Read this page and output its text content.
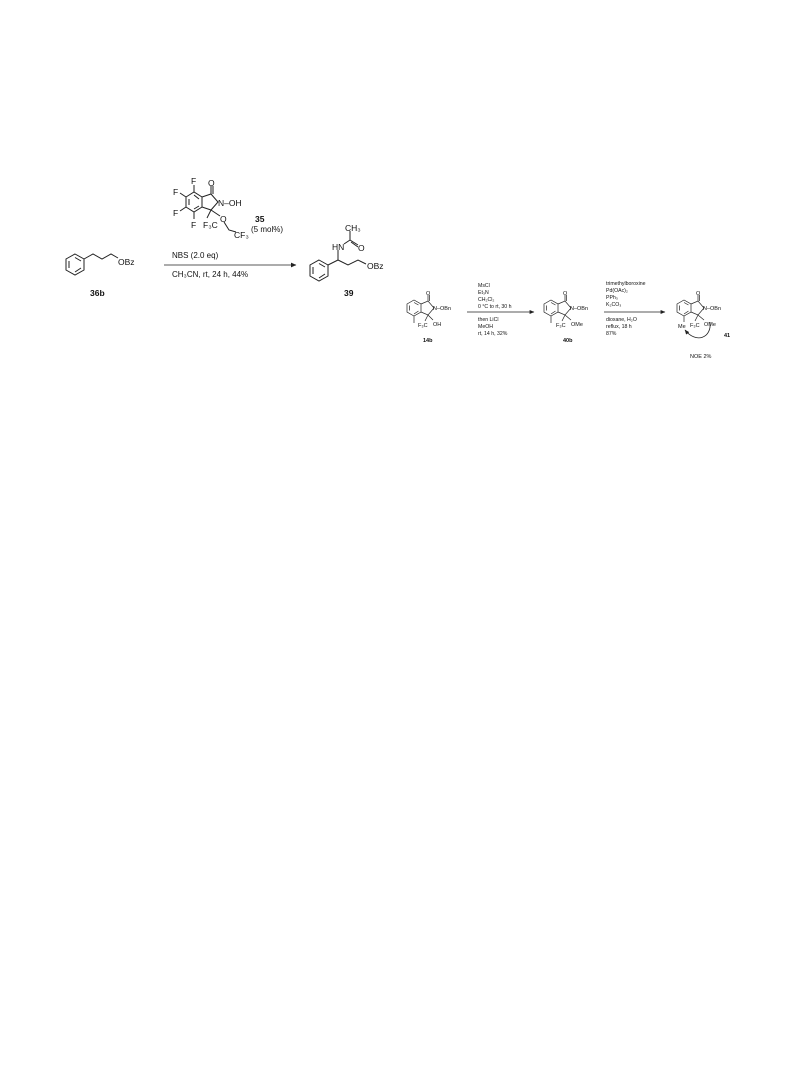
OBz
36b
F
F
F
F
O
N–OH
O
F₃C
CF₃
35
(5 mol%)
NBS (2.0 eq)
CH₃CN, rt, 24 h, 44%
CH₃
HN O
OBz
39	O
N–OBn
F₃C OH
14b
MsCl
Et₃N
CH₂Cl₂
0 °C to rt, 30 h
then LiCl
MeOH
rt, 14 h, 32%
O
N–OBn
F₃C OMe
40b
trimethylboroxine
Pd(OAc)₂
PPh₃
K₂CO₃
dioxane, H₂O
reflux, 18 h
87%
O
N–OBn
Me F₃C OMe
41
NOE 2%
